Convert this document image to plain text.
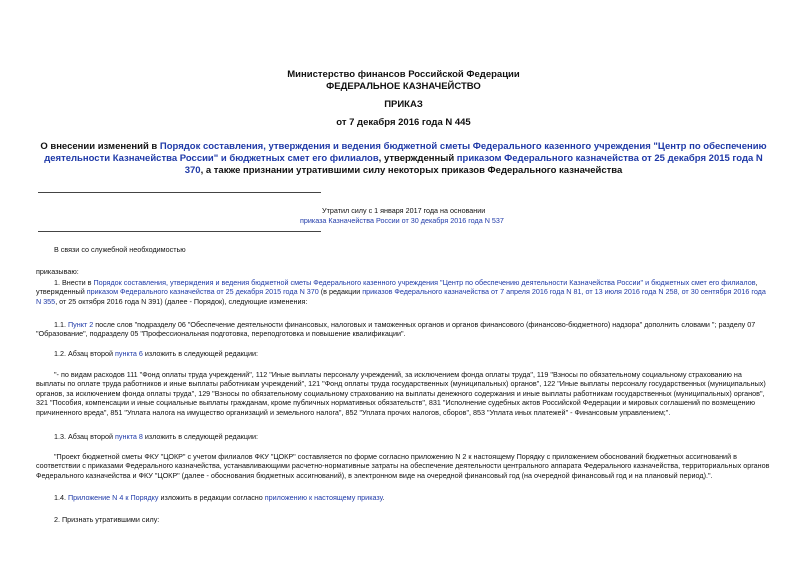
Министерство финансов Российской Федерации
ФЕДЕРАЛЬНОЕ КАЗНАЧЕЙСТВО
ПРИКАЗ
от 7 декабря 2016 года N 445
О внесении изменений в Порядок составления, утверждения и ведения бюджетной сметы Федерального казенного учреждения "Центр по обеспечению деятельности Казначейства России" и бюджетных смет его филиалов, утвержденный приказом Федерального казначейства от 25 декабря 2015 года N 370, а также признании утратившими силу некоторых приказов Федерального казначейства
Утратил силу с 1 января 2017 года на основании
приказа Казначейства России от 30 декабря 2016 года N 537
В связи со служебной необходимостью
приказываю:
1. Внести в Порядок составления, утверждения и ведения бюджетной сметы Федерального казенного учреждения "Центр по обеспечению деятельности Казначейства России" и бюджетных смет его филиалов, утвержденный приказом Федерального казначейства от 25 декабря 2015 года N 370 (в редакции приказов Федерального казначейства от 7 апреля 2016 года N 81, от 13 июля 2016 года N 258, от 30 сентября 2016 года N 355, от 25 октября 2016 года N 391) (далее - Порядок), следующие изменения:
1.1. Пункт 2 после слов "подразделу 06 "Обеспечение деятельности финансовых, налоговых и таможенных органов и органов финансового (финансово-бюджетного) надзора" дополнить словами "; разделу 07 "Образование", подразделу 05 "Профессиональная подготовка, переподготовка и повышение квалификации".
1.2. Абзац второй пункта 6 изложить в следующей редакции:
"- по видам расходов 111 "Фонд оплаты труда учреждений", 112 "Иные выплаты персоналу учреждений, за исключением фонда оплаты труда", 119 "Взносы по обязательному социальному страхованию на выплаты по оплате труда работников и иные выплаты работникам учреждений", 121 "Фонд оплаты труда государственных (муниципальных) органов", 122 "Иные выплаты персоналу государственных (муниципальных) органов, за исключением фонда оплаты труда", 129 "Взносы по обязательному социальному страхованию на выплаты денежного содержания и иные выплаты работникам государственных (муниципальных) органов", 321 "Пособия, компенсации и иные социальные выплаты гражданам, кроме публичных нормативных обязательств", 831 "Исполнение судебных актов Российской Федерации и мировых соглашений по возмещению причиненного вреда", 851 "Уплата налога на имущество организаций и земельного налога", 852 "Уплата прочих налогов, сборов", 853 "Уплата иных платежей" - Финансовым управлением;".
1.3. Абзац второй пункта 8 изложить в следующей редакции:
"Проект бюджетной сметы ФКУ "ЦОКР" с учетом филиалов ФКУ "ЦОКР" составляется по форме согласно приложению N 2 к настоящему Порядку с приложением обоснований бюджетных ассигнований в соответствии с приказами Федерального казначейства, устанавливающими расчетно-нормативные затраты на обеспечение деятельности центрального аппарата Федерального казначейства, территориальных органов Федерального казначейства и ФКУ "ЦОКР" (далее - обоснования бюджетных ассигнований), в электронном виде на очередной финансовый год (на очередной финансовый год и на плановый период).".
1.4. Приложение N 4 к Порядку изложить в редакции согласно приложению к настоящему приказу.
2. Признать утратившими силу:
